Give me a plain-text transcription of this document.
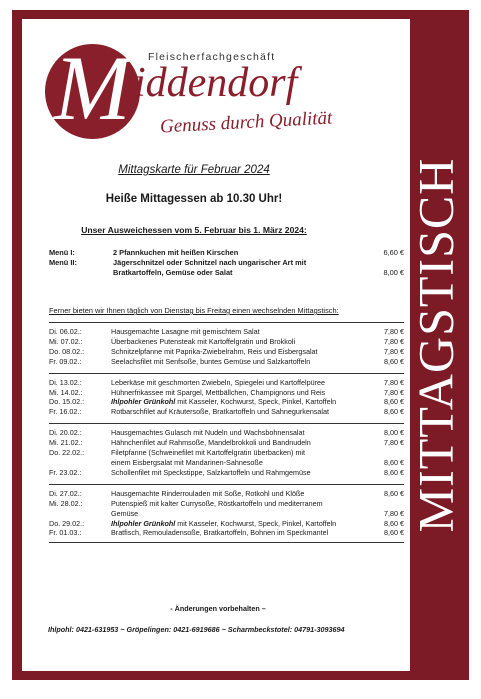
MITTAGSTISCH
M Fleischerfachgeschäft
iddendorf
Genuss durch Qualität
Mittagskarte für Februar 2024
Heiße Mittagessen ab 10.30 Uhr!
Unser Ausweichessen vom 5. Februar bis 1. März 2024:
Menü I:	2 Pfannkuchen mit heißen Kirschen	6,60 €
Menü II:	Jägerschnitzel oder Schnitzel nach ungarischer Art mit
Bratkartoffeln, Gemüse oder Salat	8,00 €
Ferner bieten wir Ihnen täglich von Dienstag bis Freitag einen wechselnden Mittagstisch:
Di. 06.02.:	Hausgemachte Lasagne mit gemischtem Salat	7,80 €
Mi. 07.02.:	Überbackenes Putensteak mit Kartoffelgratin und Brokkoli	7,80 €
Do. 08.02.:	Schnitzelpfanne mit Paprika-Zwiebelrahm, Reis und Eisbergsalat	7,80 €
Fr. 09.02.:	Seelachsfilet mit Senfsoße, buntes Gemüse und Salzkartoffeln	8,60 €
Di. 13.02.:	Leberkäse mit geschmorten Zwiebeln, Spiegelei und Kartoffelpüree	7,80 €
Mi. 14.02.:	Hühnerfrikassee mit Spargel, Mettbällchen, Champignons und Reis	7,80 €
Do. 15.02.:	Ihlpohler Grünkohl mit Kasseler, Kochwurst, Speck, Pinkel, Kartoffeln	8,60 €
Fr. 16.02.:	Rotbarschfilet auf Kräutersoße, Bratkartoffeln und Sahnegurkensalat	8,60 €
Di. 20.02.:	Hausgemachtes Gulasch mit Nudeln und Wachsbohnensalat	8,00 €
Mi. 21.02.:	Hähnchenfilet auf Rahmsoße, Mandelbrokkoli und Bandnudeln	7,80 €
Do. 22.02.:	Filetpfanne (Schweinefilet mit Kartoffelgratin überbacken) mit
einem Eisbergsalat mit Mandarinen-Sahnesoße	8,60 €
Fr. 23.02.:	Schollenfilet mit Speckstippe, Salzkartoffeln und Rahmgemüse	8,60 €
Di. 27.02.:	Hausgemachte Rinderrouladen mit Soße, Rotkohl und Klöße	8,60 €
Mi. 28.02.:	Putenspieß mit kalter Currysoße, Röstkartoffeln und mediterranem
Gemüse	7,80 €
Do. 29.02.:	Ihlpohler Grünkohl mit Kasseler, Kochwurst, Speck, Pinkel, Kartoffeln	8,60 €
Fr. 01.03.:	Bratfisch, Remouladensoße, Bratkartoffeln, Bohnen im Speckmantel	8,60 €
- Änderungen vorbehalten –
Ihlpohl: 0421-631953 ~ Gröpelingen: 0421-6919686 ~ Scharmbeckstotel: 04791-3093694
